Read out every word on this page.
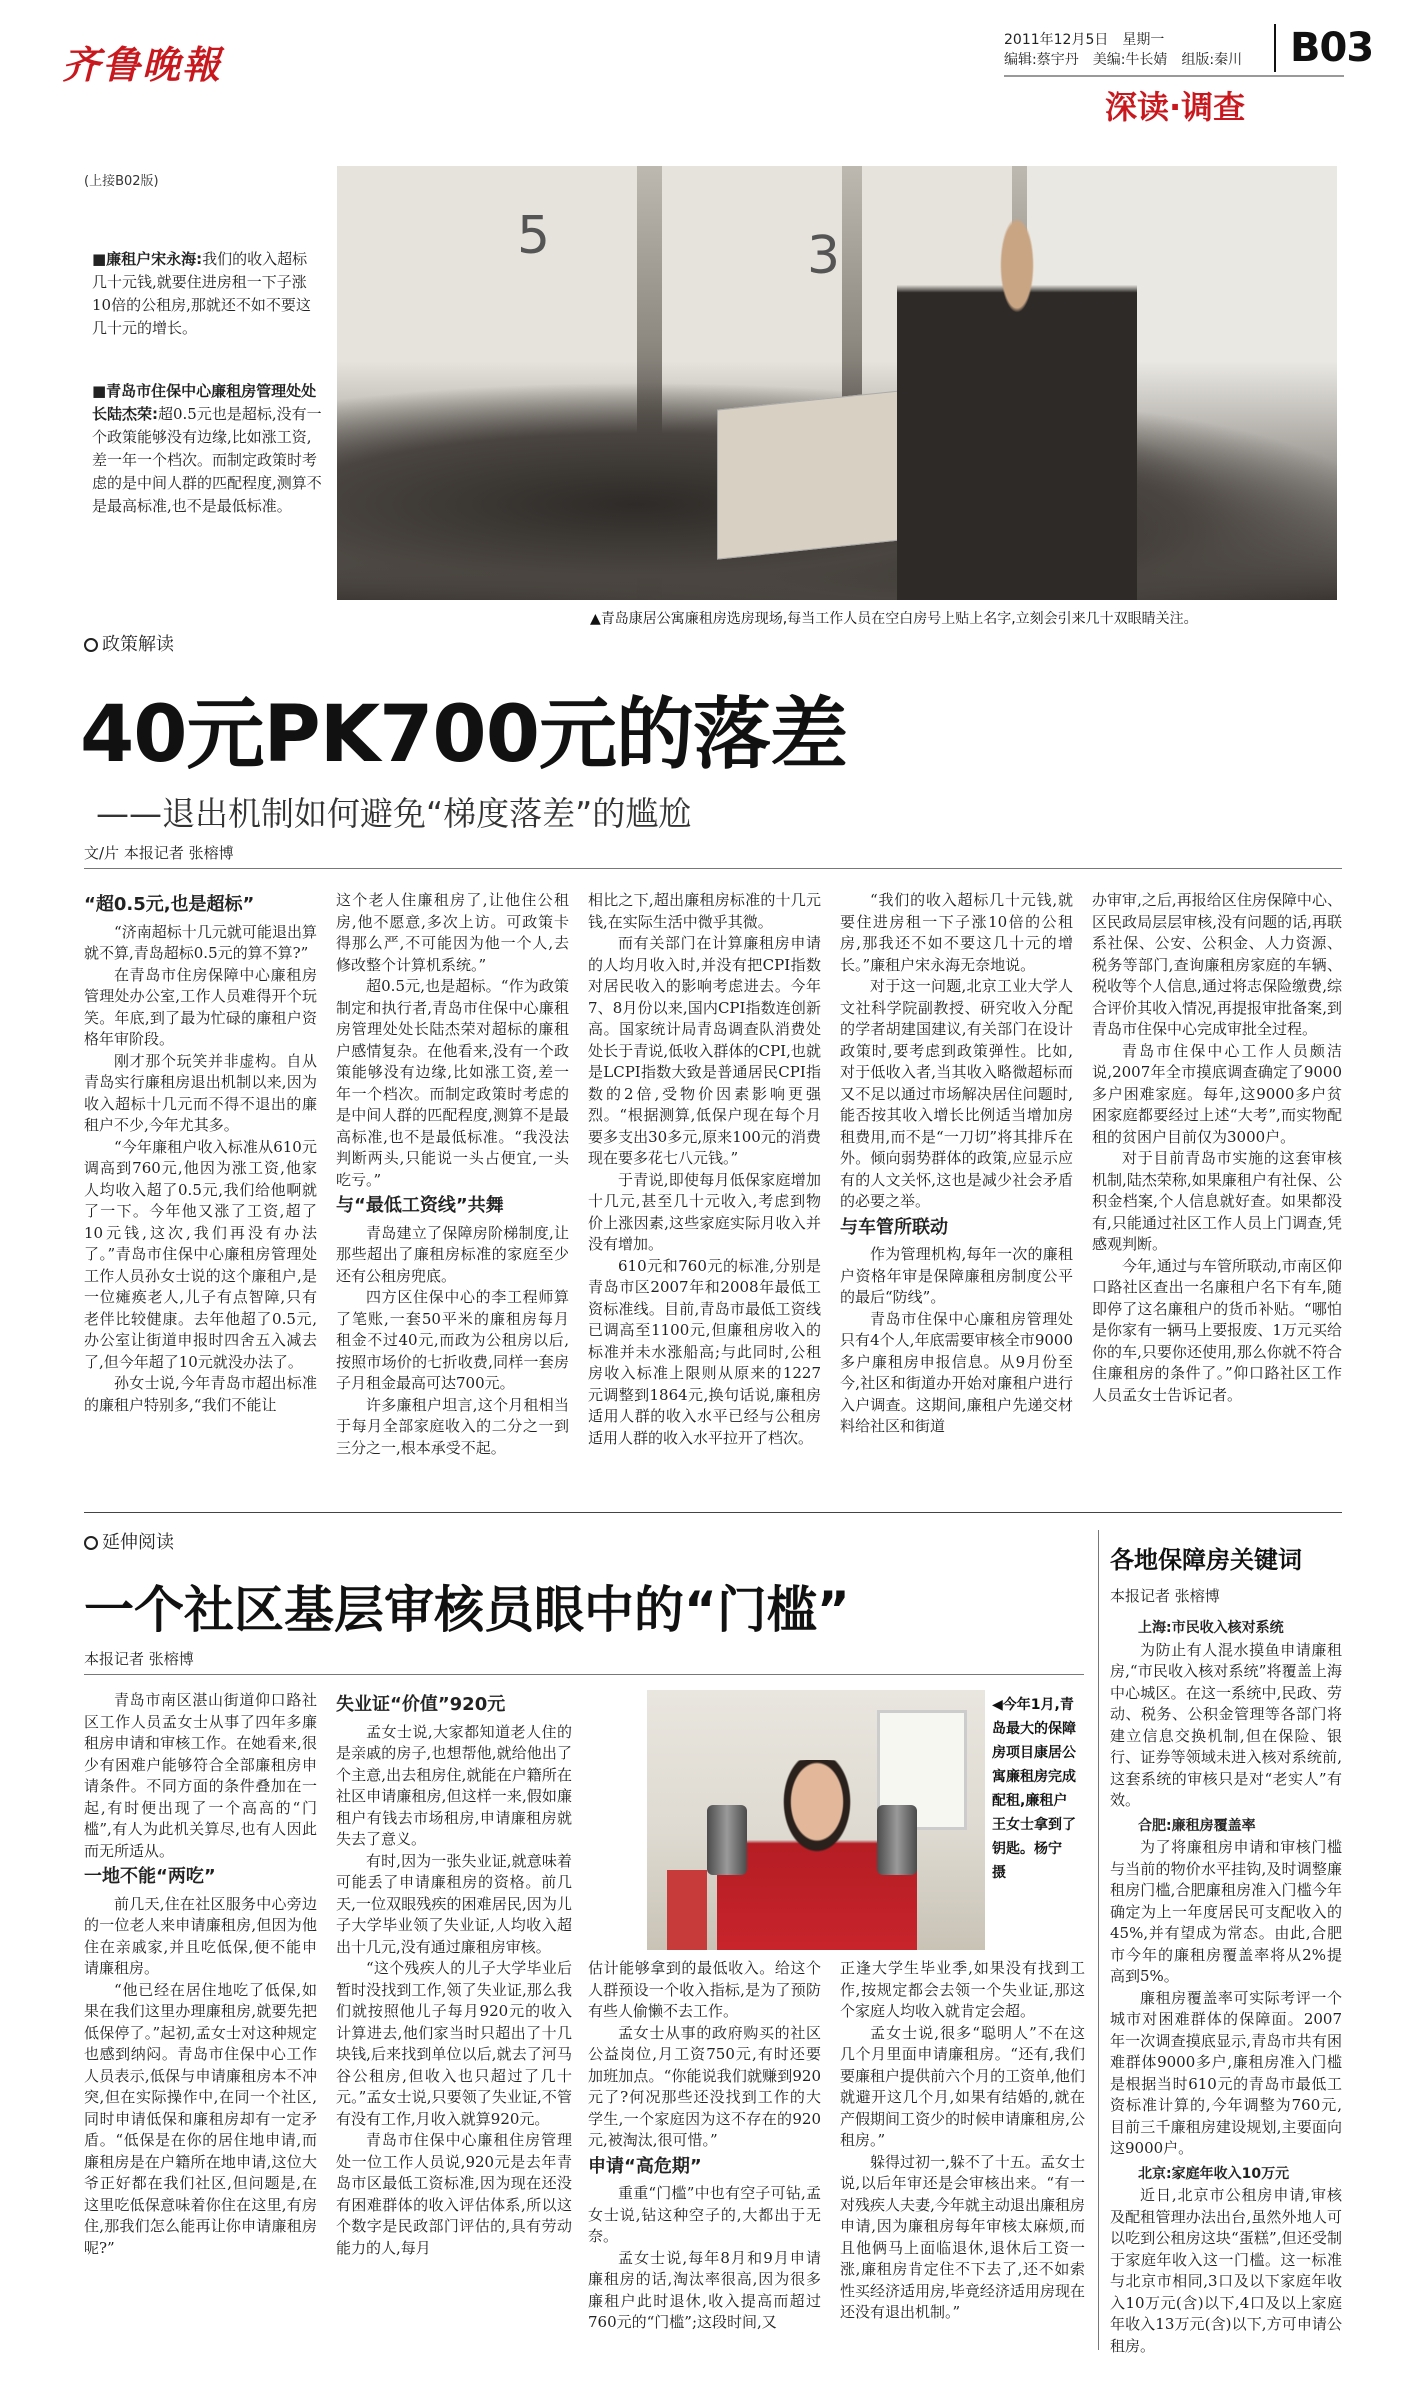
齐鲁晚報
2011年12月5日 星期一
编辑:蔡宇丹 美编:牛长婧 组版:秦川 B03
深读·调查
(上接B02版)
■廉租户宋永海:我们的收入超标几十元钱,就要住进房租一下子涨10倍的公租房,那就还不如不要这几十元的增长。
■青岛市住保中心廉租房管理处处长陆杰荣:超0.5元也是超标,没有一个政策能够没有边缘,比如涨工资,差一年一个档次。而制定政策时考虑的是中间人群的匹配程度,测算不是最高标准,也不是最低标准。
5	3
▲青岛康居公寓廉租房选房现场,每当工作人员在空白房号上贴上名字,立刻会引来几十双眼睛关注。
政策解读
40元PK700元的落差
——退出机制如何避免“梯度落差”的尴尬
文/片 本报记者 张榕博
“超0.5元,也是超标”

“济南超标十几元就可能退出算就不算,青岛超标0.5元的算不算?”

在青岛市住房保障中心廉租房管理处办公室,工作人员难得开个玩笑。年底,到了最为忙碌的廉租户资格年审阶段。

刚才那个玩笑并非虚构。自从青岛实行廉租房退出机制以来,因为收入超标十几元而不得不退出的廉租户不少,今年尤其多。

“今年廉租户收入标准从610元调高到760元,他因为涨工资,他家人均收入超了0.5元,我们给他啊就了一下。今年他又涨了工资,超了10元钱,这次,我们再没有办法了。”青岛市住保中心廉租房管理处工作人员孙女士说的这个廉租户,是一位瘫痪老人,儿子有点智障,只有老伴比较健康。去年他超了0.5元,办公室让街道申报时四舍五入减去了,但今年超了10元就没办法了。

孙女士说,今年青岛市超出标准的廉租户特别多,“我们不能让

这个老人住廉租房了,让他住公租房,他不愿意,多次上访。可政策卡得那么严,不可能因为他一个人,去修改整个计算机系统。”

超0.5元,也是超标。“作为政策制定和执行者,青岛市住保中心廉租房管理处处长陆杰荣对超标的廉租户感情复杂。在他看来,没有一个政策能够没有边缘,比如涨工资,差一年一个档次。而制定政策时考虑的是中间人群的匹配程度,测算不是最高标准,也不是最低标准。“我没法判断两头,只能说一头占便宜,一头吃亏。”

与“最低工资线”共舞

青岛建立了保障房阶梯制度,让那些超出了廉租房标准的家庭至少还有公租房兜底。

四方区住保中心的李工程师算了笔账,一套50平米的廉租房每月租金不过40元,而政为公租房以后,按照市场价的七折收费,同样一套房子月租金最高可达700元。

许多廉租户坦言,这个月租相当于每月全部家庭收入的二分之一到三分之一,根本承受不起。

相比之下,超出廉租房标准的十几元钱,在实际生活中微乎其微。

而有关部门在计算廉租房申请的人均月收入时,并没有把CPI指数对居民收入的影响考虑进去。今年7、8月份以来,国内CPI指数连创新高。国家统计局青岛调查队消费处处长于青说,低收入群体的CPI,也就是LCPI指数大致是普通居民CPI指数的2倍,受物价因素影响更强烈。“根据测算,低保户现在每个月要多支出30多元,原来100元的消费现在要多花七八元钱。”

于青说,即使每月低保家庭增加十几元,甚至几十元收入,考虑到物价上涨因素,这些家庭实际月收入并没有增加。

610元和760元的标准,分别是青岛市区2007年和2008年最低工资标准线。目前,青岛市最低工资线已调高至1100元,但廉租房收入的标准并未水涨船高;与此同时,公租房收入标准上限则从原来的1227元调整到1864元,换句话说,廉租房适用人群的收入水平已经与公租房适用人群的收入水平拉开了档次。

“我们的收入超标几十元钱,就要住进房租一下子涨10倍的公租房,那我还不如不要这几十元的增长。”廉租户宋永海无奈地说。

对于这一问题,北京工业大学人文社科学院副教授、研究收入分配的学者胡建国建议,有关部门在设计政策时,要考虑到政策弹性。比如,对于低收入者,当其收入略微超标而又不足以通过市场解决居住问题时,能否按其收入增长比例适当增加房租费用,而不是“一刀切”将其排斥在外。倾向弱势群体的政策,应显示应有的人文关怀,这也是减少社会矛盾的必要之举。

与车管所联动

作为管理机构,每年一次的廉租户资格年审是保障廉租房制度公平的最后“防线”。

青岛市住保中心廉租房管理处只有4个人,年底需要审核全市9000多户廉租房申报信息。从9月份至今,社区和街道办开始对廉租户进行入户调查。这期间,廉租户先递交材料给社区和街道

办审审,之后,再报给区住房保障中心、区民政局层层审核,没有问题的话,再联系社保、公安、公积金、人力资源、税务等部门,查询廉租房家庭的车辆、税收等个人信息,通过将志保险缴费,综合评价其收入情况,再提报审批备案,到青岛市住保中心完成审批全过程。

青岛市住保中心工作人员颇洁说,2007年全市摸底调查确定了9000多户困难家庭。每年,这9000多户贫困家庭都要经过上述“大考”,而实物配租的贫困户目前仅为3000户。

对于目前青岛市实施的这套审核机制,陆杰荣称,如果廉租户有社保、公积金档案,个人信息就好查。如果都没有,只能通过社区工作人员上门调查,凭感观判断。

今年,通过与车管所联动,市南区仰口路社区查出一名廉租户名下有车,随即停了这名廉租户的货币补贴。“哪怕是你家有一辆马上要报废、1万元买给你的车,只要你还使用,那么你就不符合住廉租房的条件了。”仰口路社区工作人员孟女士告诉记者。

延伸阅读
一个社区基层审核员眼中的“门槛”
本报记者 张榕博

青岛市南区湛山街道仰口路社区工作人员孟女士从事了四年多廉租房申请和审核工作。在她看来,很少有困难户能够符合全部廉租房申请条件。不同方面的条件叠加在一起,有时便出现了一个高高的“门槛”,有人为此机关算尽,也有人因此而无所适从。

一地不能“两吃”

前几天,住在社区服务中心旁边的一位老人来申请廉租房,但因为他住在亲戚家,并且吃低保,便不能申请廉租房。

“他已经在居住地吃了低保,如果在我们这里办理廉租房,就要先把低保停了。”起初,孟女士对这种规定也感到纳闷。青岛市住保中心工作人员表示,低保与申请廉租房本不冲突,但在实际操作中,在同一个社区,同时申请低保和廉租房却有一定矛盾。“低保是在你的居住地申请,而廉租房是在户籍所在地申请,这位大爷正好都在我们社区,但问题是,在这里吃低保意味着你住在这里,有房住,那我们怎么能再让你申请廉租房呢?”

失业证“价值”920元

孟女士说,大家都知道老人住的是亲戚的房子,也想帮他,就给他出了个主意,出去租房住,就能在户籍所在社区申请廉租房,但这样一来,假如廉租户有钱去市场租房,申请廉租房就失去了意义。

有时,因为一张失业证,就意味着可能丢了申请廉租房的资格。前几天,一位双眼残疾的困难居民,因为儿子大学毕业领了失业证,人均收入超出十几元,没有通过廉租房审核。

“这个残疾人的儿子大学毕业后暂时没找到工作,领了失业证,那么我们就按照他儿子每月920元的收入计算进去,他们家当时只超出了十几块钱,后来找到单位以后,就去了河马谷公租房,但收入也只超过了几十元。”孟女士说,只要领了失业证,不管有没有工作,月收入就算920元。

青岛市住保中心廉租住房管理处一位工作人员说,920元是去年青岛市区最低工资标准,因为现在还没有困难群体的收入评估体系,所以这个数字是民政部门评估的,具有劳动能力的人,每月

◀今年1月,青岛最大的保障房项目康居公寓廉租房完成配租,廉租户王女士拿到了钥匙。杨宁 摄

估计能够拿到的最低收入。给这个人群预设一个收入指标,是为了预防有些人偷懒不去工作。

孟女士从事的政府购买的社区公益岗位,月工资750元,有时还要加班加点。“你能说我们就赚到920元了?何况那些还没找到工作的大学生,一个家庭因为这不存在的920元,被淘汰,很可惜。”

申请“高危期”

重重“门槛”中也有空子可钻,孟女士说,钻这种空子的,大都出于无奈。

孟女士说,每年8月和9月申请廉租房的话,淘汰率很高,因为很多廉租户此时退休,收入提高而超过760元的“门槛”;这段时间,又

正逢大学生毕业季,如果没有找到工作,按规定都会去领一个失业证,那这个家庭人均收入就肯定会超。

孟女士说,很多“聪明人”不在这几个月里面申请廉租房。“还有,我们要廉租户提供前六个月的工资单,他们就避开这几个月,如果有结婚的,就在产假期间工资少的时候申请廉租房,公租房。”

躲得过初一,躲不了十五。孟女士说,以后年审还是会审核出来。“有一对残疾人夫妻,今年就主动退出廉租房申请,因为廉租房每年审核太麻烦,而且他俩马上面临退休,退休后工资一涨,廉租房肯定住不下去了,还不如索性买经济适用房,毕竟经济适用房现在还没有退出机制。”

各地保障房关键词
本报记者 张榕博
上海:市民收入核对系统

为防止有人混水摸鱼申请廉租房,“市民收入核对系统”将覆盖上海中心城区。在这一系统中,民政、劳动、税务、公积金管理等各部门将建立信息交换机制,但在保险、银行、证券等领域未进入核对系统前,这套系统的审核只是对“老实人”有效。

合肥:廉租房覆盖率

为了将廉租房申请和审核门槛与当前的物价水平挂钩,及时调整廉租房门槛,合肥廉租房准入门槛今年确定为上一年度居民可支配收入的45%,并有望成为常态。由此,合肥市今年的廉租房覆盖率将从2%提高到5%。

廉租房覆盖率可实际考评一个城市对困难群体的保障面。2007年一次调查摸底显示,青岛市共有困难群体9000多户,廉租房准入门槛是根据当时610元的青岛市最低工资标准计算的,今年调整为760元,目前三千廉租房建设规划,主要面向这9000户。

北京:家庭年收入10万元

近日,北京市公租房申请,审核及配租管理办法出台,虽然外地人可以吃到公租房这块“蛋糕”,但还受制于家庭年收入这一门槛。这一标准与北京市相同,3口及以下家庭年收入10万元(含)以下,4口及以上家庭年收入13万元(含)以下,方可申请公租房。
